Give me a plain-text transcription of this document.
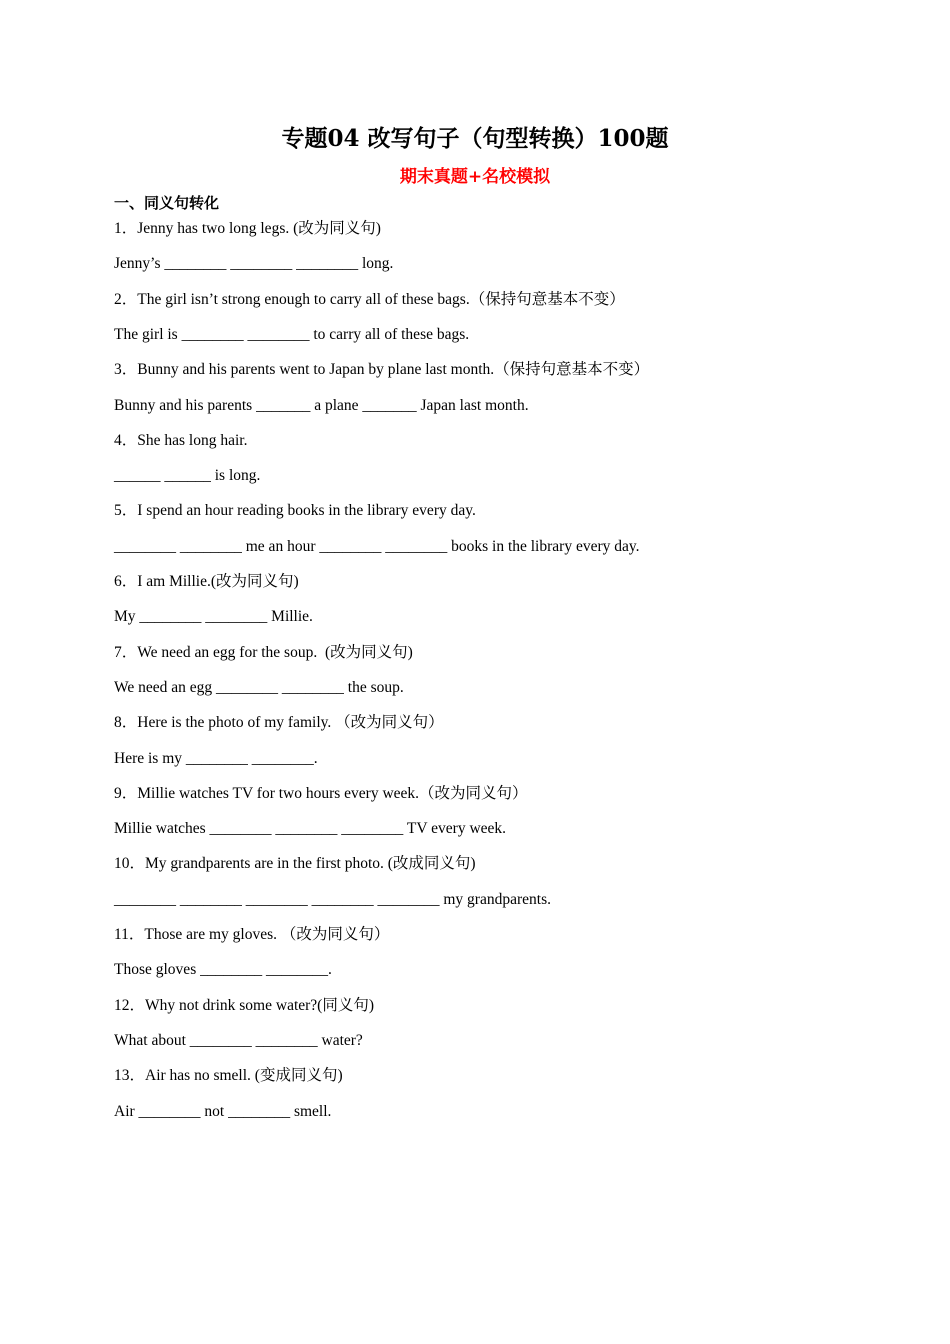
专题04 改写句子（句型转换）100题
期末真题+名校模拟
一、同义句转化
1．Jenny has two long legs. (改为同义句)
Jenny’s ________ ________ ________ long.
2．The girl isn’t strong enough to carry all of these bags.（保持句意基本不变）
The girl is ________ ________ to carry all of these bags.
3．Bunny and his parents went to Japan by plane last month.（保持句意基本不变）
Bunny and his parents _______ a plane _______ Japan last month.
4．She has long hair.
______ ______ is long.
5．I spend an hour reading books in the library every day.
________ ________ me an hour ________ ________ books in the library every day.
6．I am Millie.(改为同义句)
My ________ ________ Millie.
7．We need an egg for the soup.  (改为同义句)
We need an egg ________ ________ the soup.
8．Here is the photo of my family. （改为同义句）
Here is my ________ ________.
9．Millie watches TV for two hours every week.（改为同义句）
Millie watches ________ ________ ________ TV every week.
10．My grandparents are in the first photo. (改成同义句)
________ ________ ________ ________ ________ my grandparents.
11．Those are my gloves. （改为同义句）
Those gloves ________ ________.
12．Why not drink some water?(同义句)
What about ________ ________ water?
13．Air has no smell. (变成同义句)
Air ________ not ________ smell.
